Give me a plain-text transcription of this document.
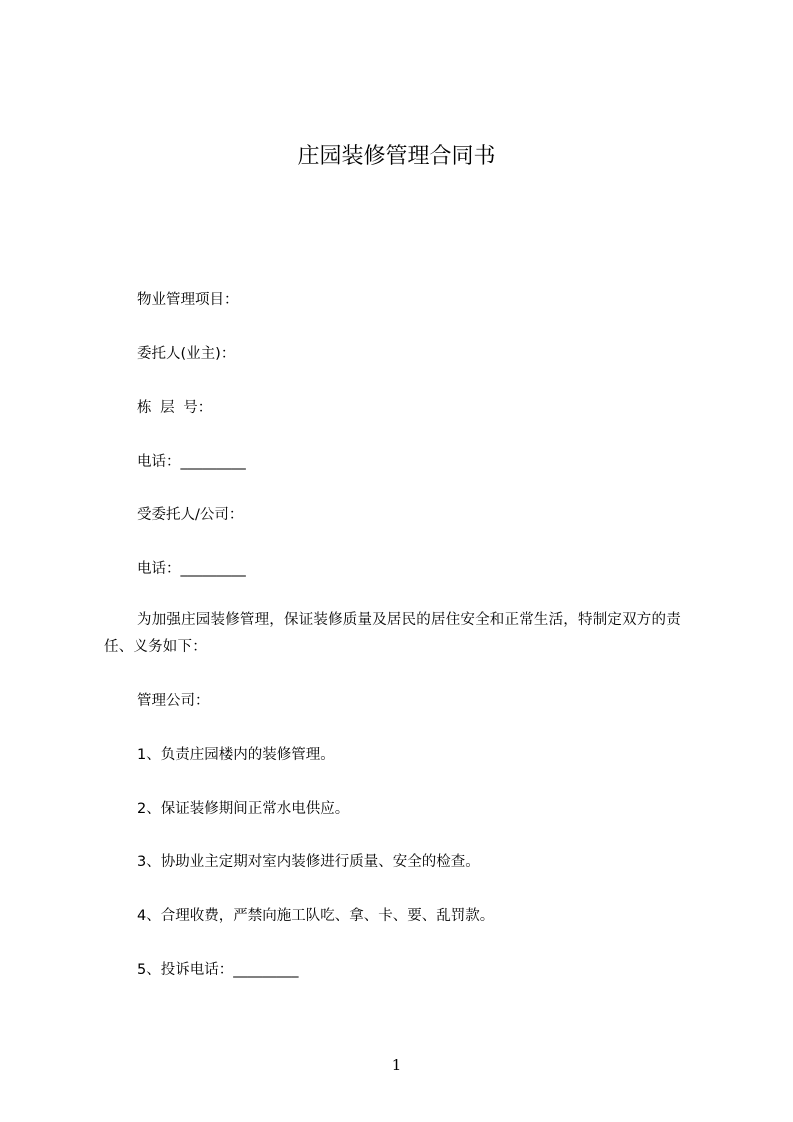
庄园装修管理合同书
物业管理项目：
委托人(业主)：
栋 层 号：
电话：_________
受委托人/公司：
电话：_________
为加强庄园装修管理，保证装修质量及居民的居住安全和正常生活，特制定双方的责任、义务如下：
管理公司：
1、负责庄园楼内的装修管理。
2、保证装修期间正常水电供应。
3、协助业主定期对室内装修进行质量、安全的检查。
4、合理收费，严禁向施工队吃、拿、卡、要、乱罚款。
5、投诉电话：_________
1
